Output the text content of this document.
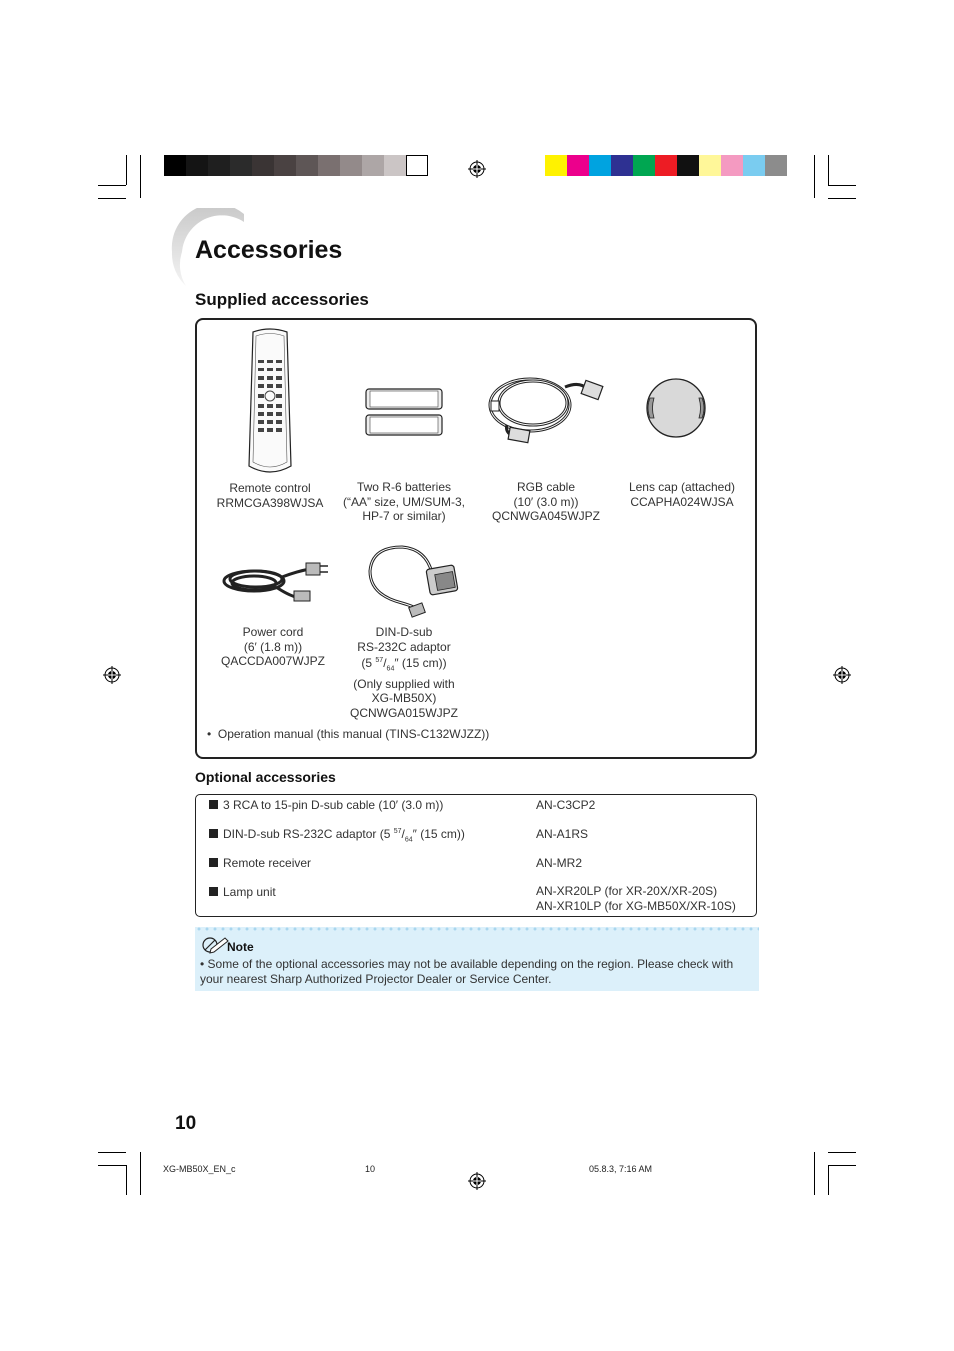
Accessories
Supplied accessories
Remote control
RRMCGA398WJSA
Two R-6 batteries
(“AA” size, UM/SUM-3,
HP-7 or similar)
RGB cable
(10′ (3.0 m))
QCNWGA045WJPZ
Lens cap (attached)
CCAPHA024WJSA
Power cord
(6′ (1.8 m))
QACCDA007WJPZ
DIN-D-sub
RS-232C adaptor
(5 $^{57}/_{64}''$ (15 cm))
(Only supplied with
XG-MB50X)
QCNWGA015WJPZ
•  Operation manual (this manual (TINS-C132WJZZ))
Optional accessories
3 RCA to 15-pin D-sub cable (10′ (3.0 m))	AN-C3CP2
DIN-D-sub RS-232C adaptor (5 $^{57}/_{64}''$ (15 cm))	AN-A1RS
Remote receiver	AN-MR2
Lamp unit	AN-XR20LP (for XR-20X/XR-20S)
AN-XR10LP (for XG-MB50X/XR-10S)
Note
• Some of the optional accessories may not be available depending on the region. Please check with your nearest Sharp Authorized Projector Dealer or Service Center.
10
XG-MB50X_EN_c	10	05.8.3, 7:16 AM
